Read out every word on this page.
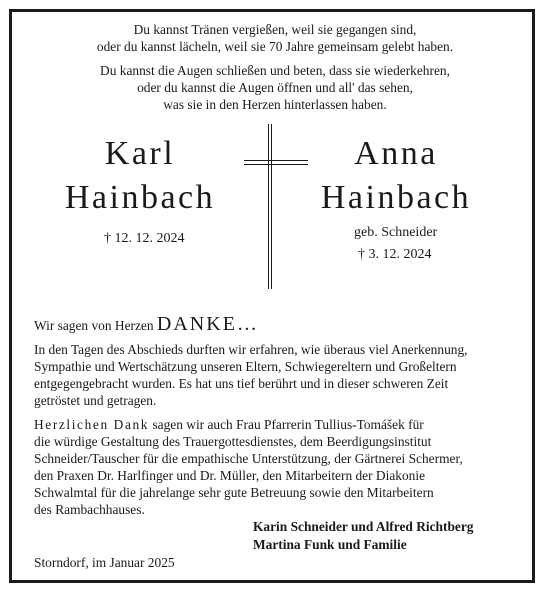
Du kannst Tränen vergießen, weil sie gegangen sind,
oder du kannst lächeln, weil sie 70 Jahre gemeinsam gelebt haben.
Du kannst die Augen schließen und beten, dass sie wiederkehren,
oder du kannst die Augen öffnen und all' das sehen,
was sie in den Herzen hinterlassen haben.
Karl
Hainbach
† 12. 12. 2024
Anna
Hainbach
geb. Schneider
† 3. 12. 2024
Wir sagen von Herzen DANKE…
In den Tagen des Abschieds durften wir erfahren, wie überaus viel Anerkennung,
Sympathie und Wertschätzung unseren Eltern, Schwiegereltern und Großeltern
entgegengebracht wurden. Es hat uns tief berührt und in dieser schweren Zeit
getröstet und getragen.
Herzlichen Dank sagen wir auch Frau Pfarrerin Tullius-Tomášek für
die würdige Gestaltung des Trauergottesdienstes, dem Beerdigungsinstitut
Schneider/Tauscher für die empathische Unterstützung, der Gärtnerei Schermer,
den Praxen Dr. Harlfinger und Dr. Müller, den Mitarbeitern der Diakonie
Schwalmtal für die jahrelange sehr gute Betreuung sowie den Mitarbeitern
des Rambachhauses.
Karin Schneider und Alfred Richtberg
Martina Funk und Familie
Storndorf, im Januar 2025
